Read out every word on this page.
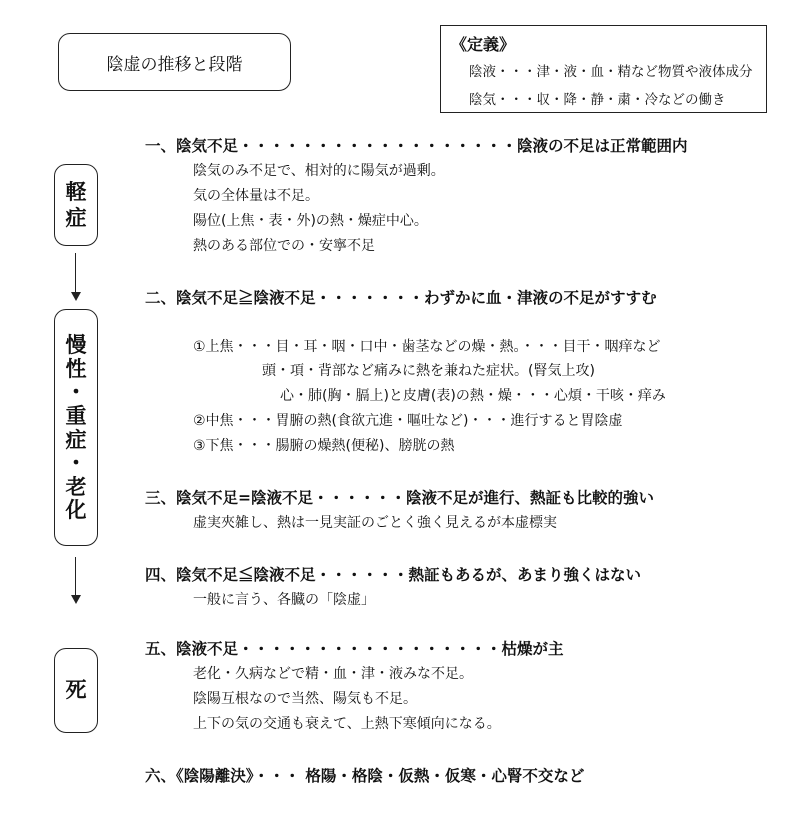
陰虚の推移と段階
《定義》
陰液・・・津・液・血・精など物質や液体成分
陰気・・・収・降・静・粛・冷などの働き
軽
症
慢
性
・
重
症
・
老
化
死
一、陰気不足・・・・・・・・・・・・・・・・・・陰液の不足は正常範囲内
陰気のみ不足で、相対的に陽気が過剰。
気の全体量は不足。
陽位(上焦・表・外)の熱・燥症中心。
熱のある部位での・安寧不足
二、陰気不足≧陰液不足・・・・・・・わずかに血・津液の不足がすすむ
①上焦・・・目・耳・咽・口中・歯茎などの燥・熱。・・・目干・咽痒など
頭・項・背部など痛みに熱を兼ねた症状。(腎気上攻)
心・肺(胸・膈上)と皮膚(表)の熱・燥・・・心煩・干咳・痒み
②中焦・・・胃腑の熱(食欲亢進・嘔吐など)・・・進行すると胃陰虚
③下焦・・・腸腑の燥熱(便秘)、膀胱の熱
三、陰気不足=陰液不足・・・・・・陰液不足が進行、熱証も比較的強い
虚実夾雑し、熱は一見実証のごとく強く見えるが本虚標実
四、陰気不足≦陰液不足・・・・・・熱証もあるが、あまり強くはない
一般に言う、各臓の「陰虚」
五、陰液不足・・・・・・・・・・・・・・・・・枯燥が主
老化・久病などで精・血・津・液みな不足。
陰陽互根なので当然、陽気も不足。
上下の気の交通も衰えて、上熱下寒傾向になる。
六、《陰陽離決》・・・ 格陽・格陰・仮熱・仮寒・心腎不交など
